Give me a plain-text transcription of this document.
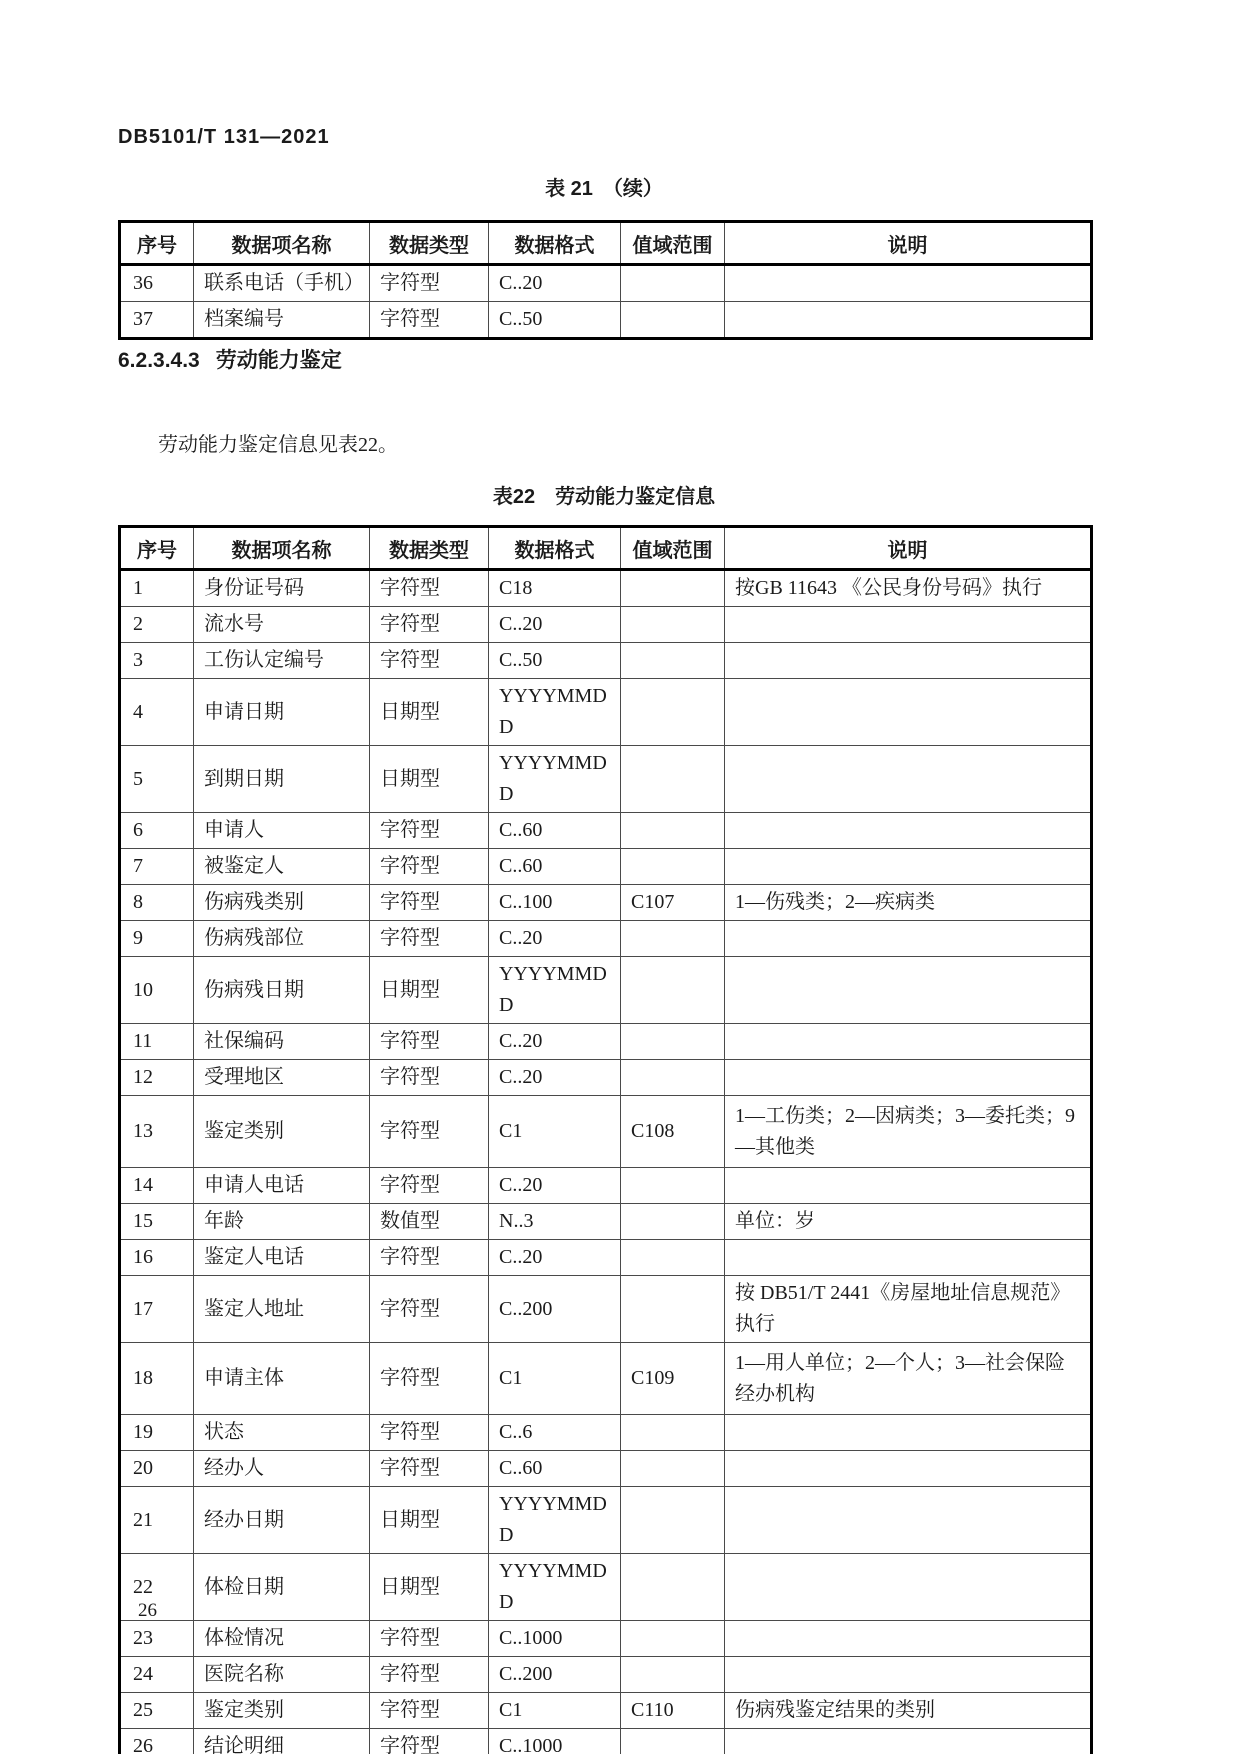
DB5101/T 131—2021
表 21　（续）
序号	数据项名称	数据类型	数据格式	值域范围	说明
36	联系电话（手机）	字符型	C..20		
37	档案编号	字符型	C..50		
6.2.3.4.3 劳动能力鉴定
劳动能力鉴定信息见表22。
表22　劳动能力鉴定信息
序号	数据项名称	数据类型	数据格式	值域范围	说明
1	身份证号码	字符型	C18		按GB 11643 《公民身份号码》执行
2	流水号	字符型	C..20		
3	工伤认定编号	字符型	C..50		
4	申请日期	日期型	YYYYMMDD		
5	到期日期	日期型	YYYYMMDD		
6	申请人	字符型	C..60		
7	被鉴定人	字符型	C..60		
8	伤病残类别	字符型	C..100	C107	1—伤残类；2—疾病类
9	伤病残部位	字符型	C..20		
10	伤病残日期	日期型	YYYYMMDD		
11	社保编码	字符型	C..20		
12	受理地区	字符型	C..20		
13	鉴定类别	字符型	C1	C108	1—工伤类；2—因病类；3—委托类；9—其他类
14	申请人电话	字符型	C..20		
15	年龄	数值型	N..3		单位：岁
16	鉴定人电话	字符型	C..20		
17	鉴定人地址	字符型	C..200		按 DB51/T 2441《房屋地址信息规范》执行
18	申请主体	字符型	C1	C109	1—用人单位；2—个人；3—社会保险经办机构
19	状态	字符型	C..6		
20	经办人	字符型	C..60		
21	经办日期	日期型	YYYYMMDD		
22	体检日期	日期型	YYYYMMDD		
23	体检情况	字符型	C..1000		
24	医院名称	字符型	C..200		
25	鉴定类别	字符型	C1	C110	伤病残鉴定结果的类别
26	结论明细	字符型	C..1000		
26
